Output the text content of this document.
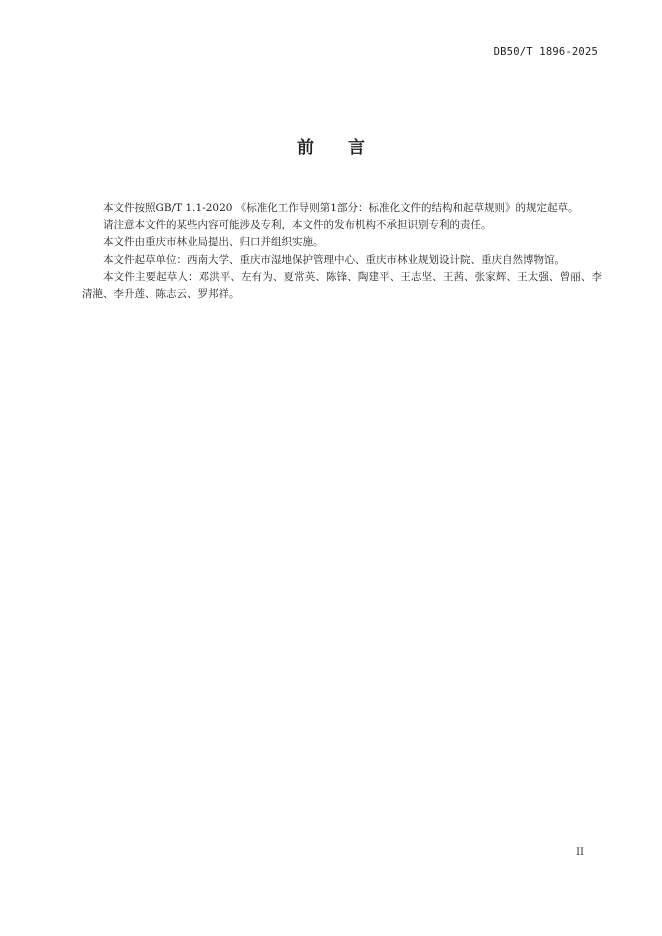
DB50/T 1896-2025
前言

本文件按照GB/T 1.1-2020 《标准化工作导则第1部分：标准化文件的结构和起草规则》的规定起草。

请注意本文件的某些内容可能涉及专利，本文件的发布机构不承担识别专利的责任。

本文件由重庆市林业局提出、归口并组织实施。

本文件起草单位：西南大学、重庆市湿地保护管理中心、重庆市林业规划设计院、重庆自然博物馆。

本文件主要起草人：邓洪平、左有为、夏常英、陈锋、陶建平、王志坚、王茜、张家辉、王太强、曾丽、李清滟、李升莲、陈志云、罗邦祥。

II
